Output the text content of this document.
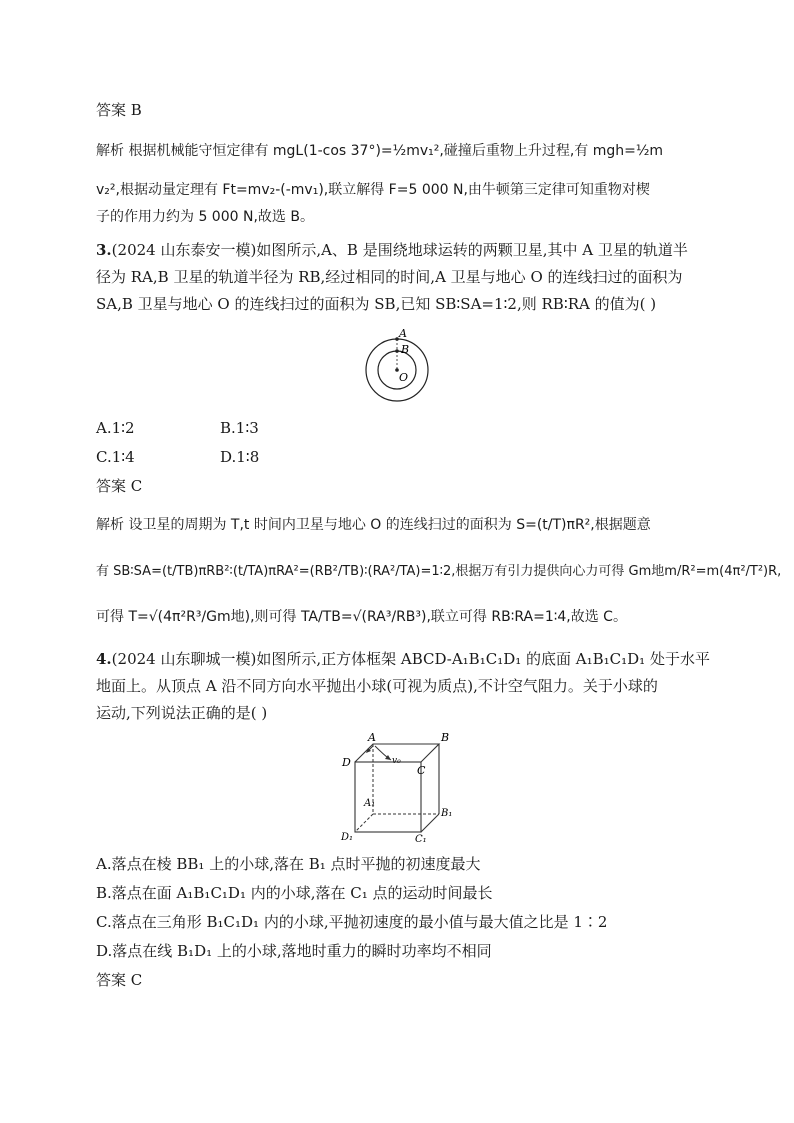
答案 B
解析 根据机械能守恒定律有 mgL(1-cos 37°)=½mv₁²,碰撞后重物上升过程,有 mgh=½m
v₂²,根据动量定理有 Ft=mv₂-(-mv₁),联立解得 F=5 000 N,由牛顿第三定律可知重物对楔
子的作用力约为 5 000 N,故选 B。
3.(2024 山东泰安一模)如图所示,A、B 是围绕地球运转的两颗卫星,其中 A 卫星的轨道半
径为 RA,B 卫星的轨道半径为 RB,经过相同的时间,A 卫星与地心 O 的连线扫过的面积为
SA,B 卫星与地心 O 的连线扫过的面积为 SB,已知 SB∶SA=1∶2,则 RB∶RA 的值为( )
A
B
O
A.1∶2	B.1∶3
C.1∶4	D.1∶8
答案 C
解析 设卫星的周期为 T,t 时间内卫星与地心 O 的连线扫过的面积为 S=(t/T)πR²,根据题意
有 SB∶SA=(t/TB)πRB²∶(t/TA)πRA²=(RB²/TB)∶(RA²/TA)=1∶2,根据万有引力提供向心力可得 Gm地m/R²=m(4π²/T²)R,
可得 T=√(4π²R³/Gm地),则可得 TA/TB=√(RA³/RB³),联立可得 RB∶RA=1∶4,故选 C。
4.(2024 山东聊城一模)如图所示,正方体框架 ABCD-A₁B₁C₁D₁ 的底面 A₁B₁C₁D₁ 处于水平
地面上。从顶点 A 沿不同方向水平抛出小球(可视为质点),不计空气阻力。关于小球的
运动,下列说法正确的是( )
A	B
C
D
A₁
B₁
C₁
D₁
v₀
A.落点在棱 BB₁ 上的小球,落在 B₁ 点时平抛的初速度最大
B.落点在面 A₁B₁C₁D₁ 内的小球,落在 C₁ 点的运动时间最长
C.落点在三角形 B₁C₁D₁ 内的小球,平抛初速度的最小值与最大值之比是 1∶2
D.落点在线 B₁D₁ 上的小球,落地时重力的瞬时功率均不相同
答案 C
